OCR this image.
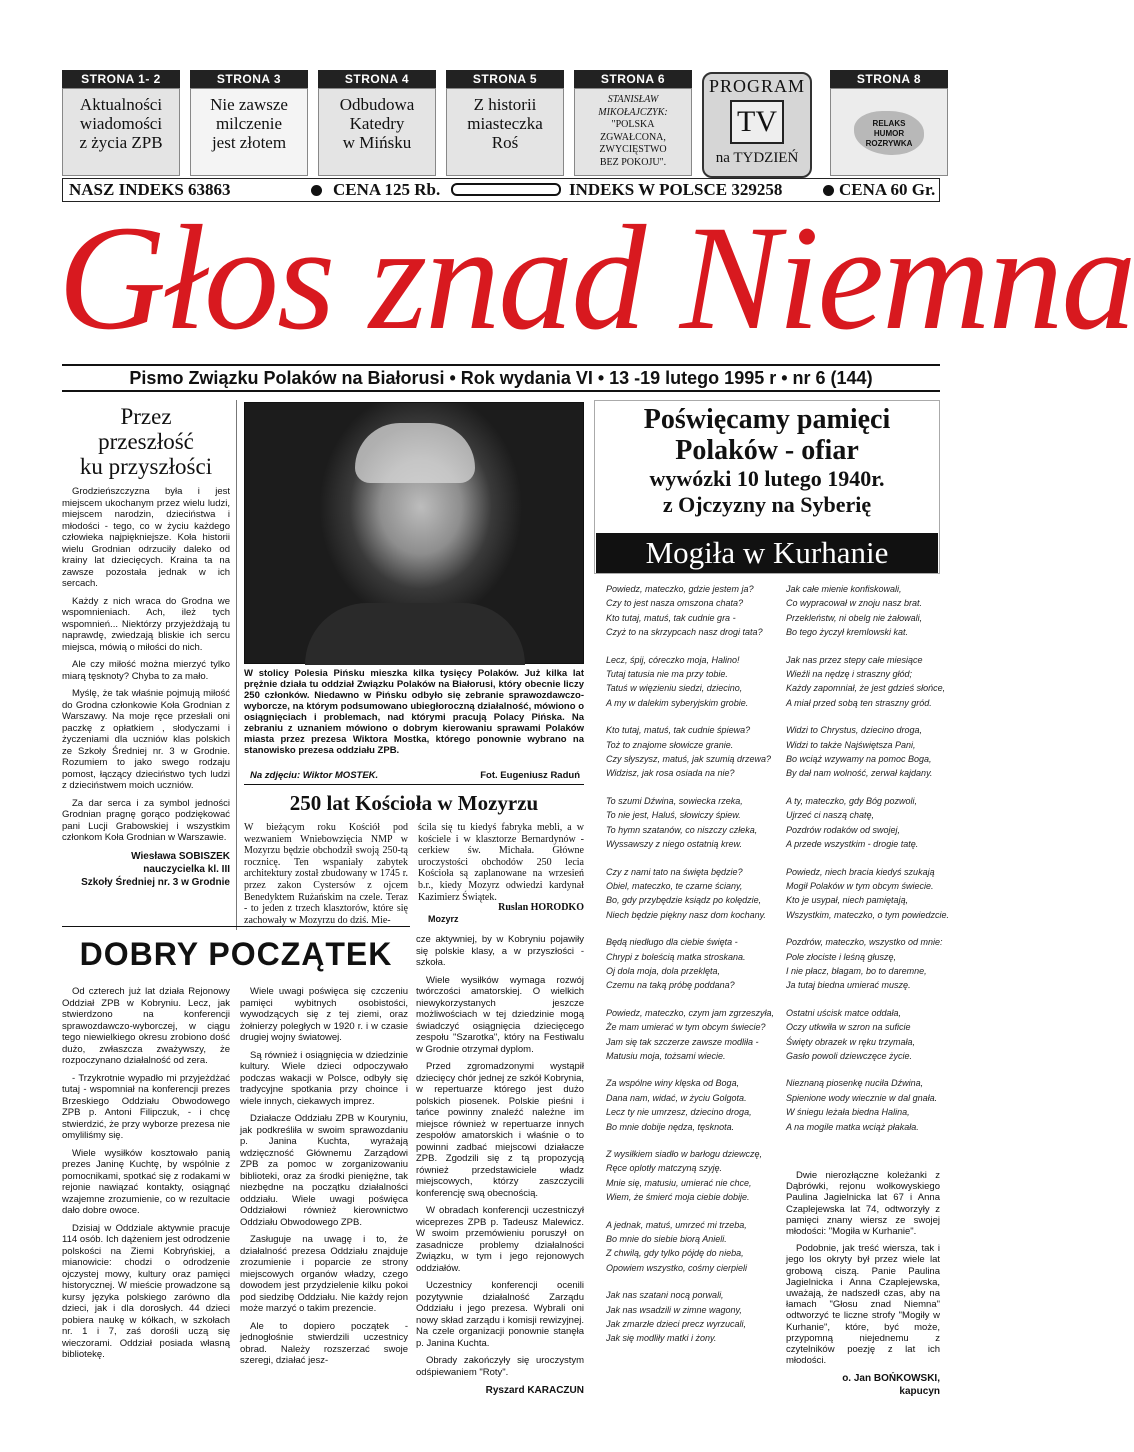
STRONA 1- 2
Aktualności
wiadomości
z życia ZPB
STRONA 3
Nie zawsze
milczenie
jest złotem
STRONA 4
Odbudowa
Katedry
w Mińsku
STRONA 5
Z historii
miasteczka
Roś
STRONA 6
STANISŁAW
MIKOŁAJCZYK:
"POLSKA
ZGWAŁCONA,
ZWYCIĘSTWO
BEZ POKOJU".
PROGRAM
TV
na TYDZIEŃ
STRONA 8
RELAKS
HUMOR
ROZRYWKA
NASZ INDEKS 63863	CENA 125 Rb.	INDEKS W POLSCE 329258	CENA 60 Gr.
Głos znad Niemna
Pismo Związku Polaków na Białorusi • Rok wydania VI • 13 -19 lutego 1995 r • nr 6 (144)
Przez
przeszłość
ku przyszłości

Grodzieńszczyzna była i jest miejscem ukochanym przez wielu ludzi, miejscem narodzin, dzieciństwa i młodości - tego, co w życiu każdego człowieka najpiękniejsze. Koła historii wielu Grodnian odrzuciły daleko od krainy lat dziecięcych. Kraina ta na zawsze pozostała jednak w ich sercach.

Każdy z nich wraca do Grodna we wspomnieniach. Ach, ileż tych wspomnień... Niektórzy przyjeżdżają tu naprawdę, zwiedzają bliskie ich sercu miejsca, mówią o miłości do nich.

Ale czy miłość można mierzyć tylko miarą tęsknoty? Chyba to za mało.

Myślę, że tak właśnie pojmują miłość do Grodna członkowie Koła Grodnian z Warszawy. Na moje ręce przesłali oni paczkę z opłatkiem , słodyczami i życzeniami dla uczniów klas polskich ze Szkoły Średniej nr. 3 w Grodnie. Rozumiem to jako swego rodzaju pomost, łączący dzieciństwo tych ludzi z dzieciństwem moich uczniów.

Za dar serca i za symbol jedności Grodnian pragnę gorąco podziękować pani Lucji Grabowskiej i wszystkim członkom Koła Grodnian w Warszawie.

Wiesława SOBISZEK
nauczycielka kl. III
Szkoły Średniej nr. 3 w Grodnie
W stolicy Polesia Pińsku mieszka kilka tysięcy Polaków. Już kilka lat prężnie działa tu oddział Związku Polaków na Białorusi, który obecnie liczy 250 członków. Niedawno w Pińsku odbyło się zebranie sprawozdawczo-wyborcze, na którym podsumowano ubiegłoroczną działalność, mówiono o osiągnięciach i problemach, nad którymi pracują Polacy Pińska. Na zebraniu z uznaniem mówiono o dobrym kierowaniu sprawami Polaków miasta przez prezesa Wiktora Mostka, którego ponownie wybrano na stanowisko prezesa oddziału ZPB.
Na zdjęciu: Wiktor MOSTEK.	Fot. Eugeniusz Raduń
250 lat Kościoła w Mozyrzu
W bieżącym roku Kościół pod wezwaniem Wniebowzięcia NMP w Mozyrzu będzie obchodził swoją 250-tą rocznicę. Ten wspaniały zabytek architektury został zbudowany w 1745 r. przez zakon Cystersów z ojcem Benedyktem Rużańskim na czele. Teraz - to jeden z trzech klasztorów, które się zachowały w Mozyrzu do dziś. Mie-
ścila się tu kiedyś fabryka mebli, a w kościele i w klasztorze Bernardynów - cerkiew św. Michała. Główne uroczystości obchodów 250 lecia Kościoła są zaplanowane na wrzesień b.r., kiedy Mozyrz odwiedzi kardynał Kazimierz Świątek.
Ruslan HORODKO
Mozyrz
DOBRY POCZĄTEK

Od czterech już lat działa Rejonowy Oddział ZPB w Kobryniu. Lecz, jak stwierdzono na konferencji sprawozdawczo-wyborczej, w ciągu tego niewielkiego okresu zrobiono dość dużo, zwłaszcza zważywszy, że rozpoczynano działalność od zera.

- Trzykrotnie wypadło mi przyjeżdżać tutaj - wspomniał na konferencji prezes Brzeskiego Oddziału Obwodowego ZPB p. Antoni Filipczuk, - i chcę stwierdzić, że przy wyborze prezesa nie omyliliśmy się.

Wiele wysiłków kosztowało panią prezes Janinę Kuchtę, by wspólnie z pomocnikami, spotkać się z rodakami w rejonie nawiązać kontakty, osiągnąć wzajemne zrozumienie, co w rezultacie dało dobre owoce.

Dzisiaj w Oddziale aktywnie pracuje 114 osób. Ich dążeniem jest odrodzenie polskości na Ziemi Kobryńskiej, a mianowicie: chodzi o odrodzenie ojczystej mowy, kultury oraz pamięci historycznej. W mieście prowadzone są kursy języka polskiego zarówno dla dzieci, jak i dla dorosłych. 44 dzieci pobiera naukę w kółkach, w szkołach nr. 1 i 7, zaś dorośli uczą się wieczorami. Oddział posiada własną bibliotekę.

Wiele uwagi poświęca się czczeniu pamięci wybitnych osobistości, wywodzących się z tej ziemi, oraz żołnierzy poległych w 1920 r. i w czasie drugiej wojny światowej.

Są również i osiągnięcia w dziedzinie kultury. Wiele dzieci odpoczywało podczas wakacji w Polsce, odbyły się tradycyjne spotkania przy choince i wiele innych, ciekawych imprez.

Działacze Oddziału ZPB w Kouryniu, jak podkreśliła w swoim sprawozdaniu p. Janina Kuchta, wyrażają wdzięczność Głównemu Zarządowi ZPB za pomoc w zorganizowaniu biblioteki, oraz za środki pieniężne, tak niezbędne na początku działalności oddziału. Wiele uwagi poświęca Oddziałowi również kierownictwo Oddziału Obwodowego ZPB.

Zasługuje na uwagę i to, że działalność prezesa Oddziału znajduje zrozumienie i poparcie ze strony miejscowych organów władzy, czego dowodem jest przydzielenie kilku pokoi pod siedzibę Oddziału. Nie każdy rejon może marzyć o takim prezencie.

Ale to dopiero początek - jednogłośnie stwierdzili uczestnicy obrad. Należy rozszerzać swoje szeregi, działać jesz-

cze aktywniej, by w Kobryniu pojawiły się polskie klasy, a w przyszłości - szkoła.

Wiele wysiłków wymaga rozwój twórczości amatorskiej. O wielkich niewykorzystanych jeszcze możliwościach w tej dziedzinie mogą świadczyć osiągnięcia dziecięcego zespołu "Szarotka", który na Festiwalu w Grodnie otrzymał dyplom.

Przed zgromadzonymi wystąpił dziecięcy chór jednej ze szkół Kobrynia, w repertuarze którego jest dużo polskich piosenek. Polskie pieśni i tańce powinny znaleźć należne im miejsce również w repertuarze innych zespołów amatorskich i właśnie o to powinni zadbać miejscowi działacze ZPB. Zgodzili się z tą propozycją również przedstawiciele władz miejscowych, którzy zaszczycili konferencję swą obecnością.

W obradach konferencji uczestniczył wiceprezes ZPB p. Tadeusz Malewicz. W swoim przemówieniu poruszył on zasadnicze problemy działalności Związku, w tym i jego rejonowych oddziałów.

Uczestnicy konferencji ocenili pozytywnie działalność Zarządu Oddziału i jego prezesa. Wybrali oni nowy skład zarządu i komisji rewizyjnej. Na czele organizacji ponownie stanęła p. Janina Kuchta.

Obrady zakończyły się uroczystym odśpiewaniem "Roty".

Ryszard KARACZUN
Poświęcamy pamięci
Polaków - ofiar
wywózki 10 lutego 1940r.
z Ojczyzny na Syberię
Mogiła w Kurhanie
Powiedz, mateczko, gdzie jestem ja?
Czy to jest nasza omszona chata?
Kto tutaj, matuś, tak cudnie gra -
Czyż to na skrzypcach nasz drogi tata?
Lecz, śpij, córeczko moja, Halino!
Tutaj tatusia nie ma przy tobie.
Tatuś w więzieniu siedzi, dziecino,
A my w dalekim syberyjskim grobie.
Kto tutaj, matuś, tak cudnie śpiewa?
Toż to znajome słowicze granie.
Czy słyszysz, matuś, jak szumią drzewa?
Widzisz, jak rosa osiada na nie?
To szumi Dźwina, sowiecka rzeka,
To nie jest, Haluś, słowiczy śpiew.
To hymn szatanów, co niszczy człeka,
Wyssawszy z niego ostatnią krew.
Czy z nami tato na święta będzie?
Obiel, mateczko, te czarne ściany,
Bo, gdy przybędzie ksiądz po kolędzie,
Niech będzie piękny nasz dom kochany.
Będą niedługo dla ciebie święta -
Chrypi z boleścią matka stroskana.
Oj dola moja, dola przeklęta,
Czemu na taką próbę poddana?
Powiedz, mateczko, czym jam zgrzeszyła,
Że mam umierać w tym obcym świecie?
Jam się tak szczerze zawsze modliła -
Matusiu moja, tożsami wiecie.
Za wspólne winy klęska od Boga,
Dana nam, widać, w życiu Golgota.
Lecz ty nie umrzesz, dziecino droga,
Bo mnie dobije nędza, tęsknota.
Z wysiłkiem siadło w barłogu dziewczę,
Ręce oplotły matczyną szyję.
Mnie się, matusiu, umierać nie chce,
Wiem, że śmierć moja ciebie dobije.
A jednak, matuś, umrzeć mi trzeba,
Bo mnie do siebie biorą Anieli.
Z chwilą, gdy tylko pójdę do nieba,
Opowiem wszystko, cośmy cierpieli
Jak nas szatani nocą porwali,
Jak nas wsadzili w zimne wagony,
Jak zmarzłe dzieci precz wyrzucali,
Jak się modliły matki i żony.
Jak całe mienie konfiskowali,
Co wypracował w znoju nasz brat.
Przekleństw, ni obelg nie żałowali,
Bo tego życzył kremlowski kat.
Jak nas przez stepy całe miesiące
Wieźli na nędzę i straszny głód;
Każdy zapomniał, że jest gdzieś słońce,
A miał przed sobą ten straszny gród.
Widzi to Chrystus, dziecino droga,
Widzi to także Najświętsza Pani,
Bo wciąż wzywamy na pomoc Boga,
By dał nam wolność, zerwał kajdany.
A ty, mateczko, gdy Bóg pozwoli,
Ujrzeć ci naszą chatę,
Pozdrów rodaków od swojej,
A przede wszystkim - drogie tatę.
Powiedz, niech bracia kiedyś szukają
Mogił Polaków w tym obcym świecie.
Kto je usypał, niech pamiętają,
Wszystkim, mateczko, o tym powiedzcie.
Pozdrów, mateczko, wszystko od mnie:
Pole złociste i leśną głuszę,
I nie płacz, błagam, bo to daremne,
Ja tutaj biedna umierać muszę.
Ostatni uścisk matce oddała,
Oczy utkwiła w szron na suficie
Święty obrazek w ręku trzymała,
Gasło powoli dziewczęce życie.
Nieznaną piosenkę nuciła Dźwina,
Spienione wody wiecznie w dal gnała.
W śniegu leżała biedna Halina,
A na mogile matka wciąż płakała.

Dwie nierozłączne koleżanki z Dąbrówki, rejonu wołkowyskiego Paulina Jagielnicka lat 67 i Anna Czaplejewska lat 74, odtworzyły z pamięci znany wiersz ze swojej młodości: "Mogiła w Kurhanie".

Podobnie, jak treść wiersza, tak i jego los okryty był przez wiele lat grobową ciszą. Panie Paulina Jagielnicka i Anna Czaplejewska, uważają, że nadszedł czas, aby na łamach "Głosu znad Niemna" odtworzyć te liczne strofy "Mogiły w Kurhanie", które, być może, przypomną niejednemu z czytelników poezję z lat ich młodości.

o. Jan BOŃKOWSKI,
kapucyn
